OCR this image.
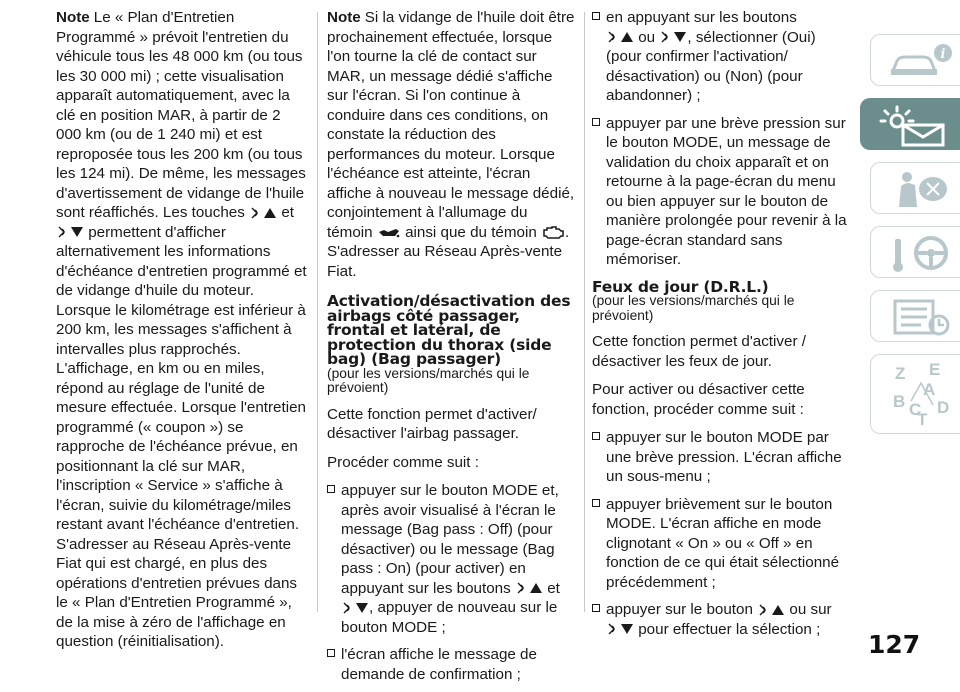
Note Le « Plan d'Entretien Programmé » prévoit l'entretien du véhicule tous les 48 000 km (ou tous les 30 000 mi) ; cette visualisation apparaît automatiquement, avec la clé en position MAR, à partir de 2 000 km (ou de 1 240 mi) et est reproposée tous les 200 km (ou tous les 124 mi). De même, les messages d'avertissement de vidange de l'huile sont réaffichés. Les touches et
permettent d'afficher alternativement les informations d'échéance d'entretien programmé et de vidange d'huile du moteur. Lorsque le kilométrage est inférieur à 200 km, les messages s'affichent à intervalles plus rapprochés. L'affichage, en km ou en miles, répond au réglage de l'unité de mesure effectuée. Lorsque l'entretien programmé (« coupon ») se rapproche de l'échéance prévue, en positionnant la clé sur MAR, l'inscription « Service » s'affiche à l'écran, suivie du kilométrage/miles restant avant l'échéance d'entretien. S'adresser au Réseau Après-vente Fiat qui est chargé, en plus des opérations d'entretien prévues dans le « Plan d'Entretien Programmé », de la mise à zéro de l'affichage en question (réinitialisation).

Note Si la vidange de l'huile doit être prochainement effectuée, lorsque l'on tourne la clé de contact sur MAR, un message dédié s'affiche sur l'écran. Si l'on continue à conduire dans ces conditions, on constate la réduction des performances du moteur. Lorsque l'échéance est atteinte, l'écran affiche à nouveau le message dédié, conjointement à l'allumage du témoin ainsi que du témoin .
S'adresser au Réseau Après-vente Fiat.

Activation/désactivation des airbags côté passager, frontal et latéral, de protection du thorax (side bag) (Bag passager)

(pour les versions/marchés qui le prévoient)

Cette fonction permet d'activer/ désactiver l'airbag passager.

Procéder comme suit :

appuyer sur le bouton MODE et, après avoir visualisé à l'écran le message (Bag pass : Off) (pour désactiver) ou le message (Bag pass : On) (pour activer) en appuyant sur les boutons et
, appuyer de nouveau sur le bouton MODE ;
l'écran affiche le message de demande de confirmation ;
en appuyant sur les boutons

ou , sélectionner (Oui) (pour confirmer l'activation/ désactivation) ou (Non) (pour abandonner) ;
appuyer par une brève pression sur le bouton MODE, un message de validation du choix apparaît et on retourne à la page-écran du menu ou bien appuyer sur le bouton de manière prolongée pour revenir à la page-écran standard sans mémoriser.
Feux de jour (D.R.L.)

(pour les versions/marchés qui le prévoient)

Cette fonction permet d'activer / désactiver les feux de jour.

Pour activer ou désactiver cette fonction, procéder comme suit :

appuyer sur le bouton MODE par une brève pression. L'écran affiche un sous-menu ;
appuyer brièvement sur le bouton MODE. L'écran affiche en mode clignotant « On » ou « Off » en fonction de ce qui était sélectionné précédemment ;
appuyer sur le bouton ou sur

pour effectuer la sélection ;
i
Z E
A
B C
T
D
127
